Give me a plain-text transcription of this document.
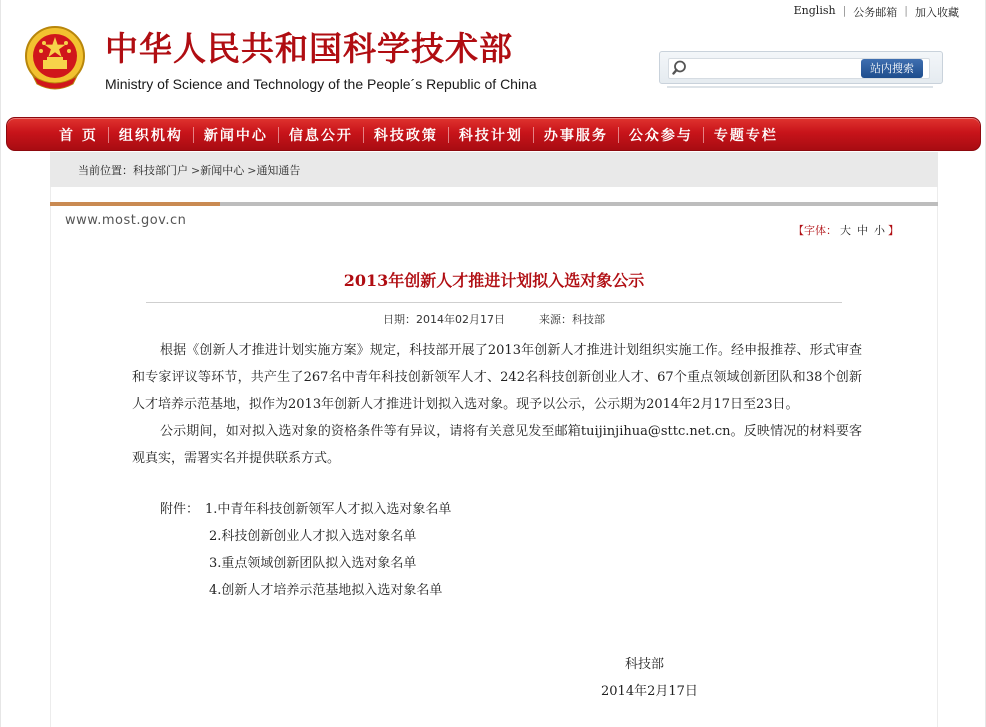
English | 公务邮箱 | 加入收藏
中华人民共和国科学技术部
Ministry of Science and Technology of the People´s Republic of China
站内搜索
首 页 组织机构 新闻中心 信息公开 科技政策 科技计划 办事服务 公众参与 专题专栏
当前位置：科技部门户 >新闻中心 >通知通告
www.most.gov.cn
【字体： 大 中 小 】
2013年创新人才推进计划拟入选对象公示
日期：2014年02月17日	来源：科技部

根据《创新人才推进计划实施方案》规定，科技部开展了2013年创新人才推进计划组织实施工作。经申报推荐、形式审查和专家评议等环节，共产生了267名中青年科技创新领军人才、242名科技创新创业人才、67个重点领域创新团队和38个创新人才培养示范基地，拟作为2013年创新人才推进计划拟入选对象。现予以公示，公示期为2014年2月17日至23日。

公示期间，如对拟入选对象的资格条件等有异议，请将有关意见发至邮箱tuijinjihua@sttc.net.cn。反映情况的材料要客观真实，需署实名并提供联系方式。

附件： 1.中青年科技创新领军人才拟入选对象名单
2.科技创新创业人才拟入选对象名单
3.重点领域创新团队拟入选对象名单
4.创新人才培养示范基地拟入选对象名单
科技部
2014年2月17日
